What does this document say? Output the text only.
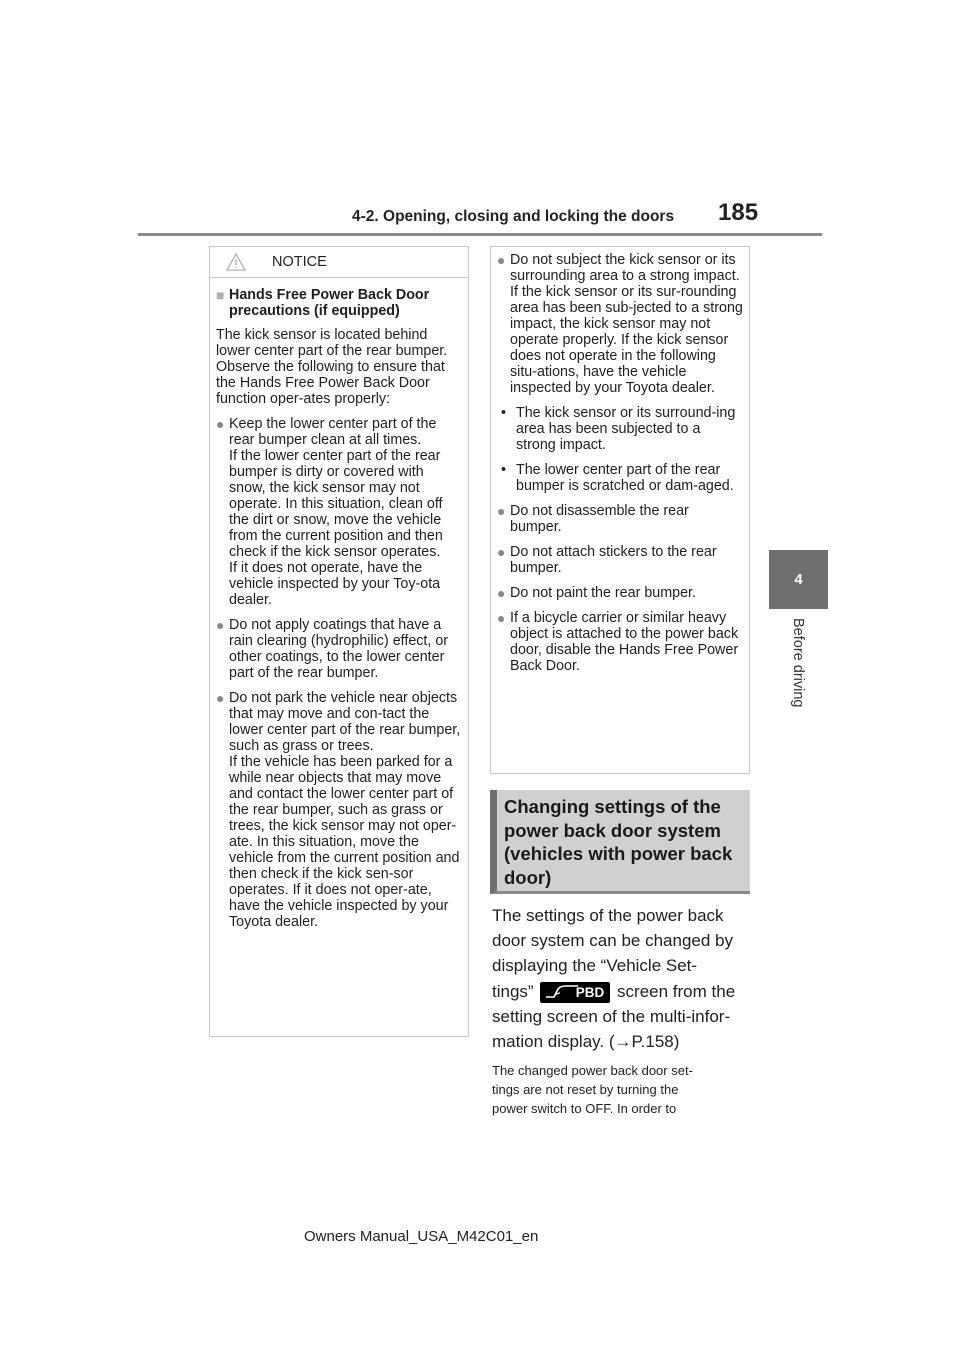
4-2. Opening, closing and locking the doors 185
4
Before driving
NOTICE
■ Hands Free Power Back Door precautions (if equipped)
The kick sensor is located behind lower center part of the rear bumper. Observe the following to ensure that the Hands Free Power Back Door function oper-ates properly:
● Keep the lower center part of the rear bumper clean at all times.
If the lower center part of the rear bumper is dirty or covered with snow, the kick sensor may not operate. In this situation, clean off the dirt or snow, move the vehicle from the current position and then check if the kick sensor operates.
If it does not operate, have the vehicle inspected by your Toy-ota dealer.
● Do not apply coatings that have a rain clearing (hydrophilic) effect, or other coatings, to the lower center part of the rear bumper.
● Do not park the vehicle near objects that may move and con-tact the lower center part of the rear bumper, such as grass or trees.
If the vehicle has been parked for a while near objects that may move and contact the lower center part of the rear bumper, such as grass or trees, the kick sensor may not oper-ate. In this situation, move the vehicle from the current position and then check if the kick sen-sor operates. If it does not oper-ate, have the vehicle inspected by your Toyota dealer.
● Do not subject the kick sensor or its surrounding area to a strong impact.
If the kick sensor or its sur-rounding area has been sub-jected to a strong impact, the kick sensor may not operate properly. If the kick sensor does not operate in the following situ-ations, have the vehicle inspected by your Toyota dealer.
• The kick sensor or its surround-ing area has been subjected to a strong impact.
• The lower center part of the rear bumper is scratched or dam-aged.
● Do not disassemble the rear bumper.
● Do not attach stickers to the rear bumper.
● Do not paint the rear bumper.
● If a bicycle carrier or similar heavy object is attached to the power back door, disable the Hands Free Power Back Door.
Changing settings of the power back door system (vehicles with power back door)
The settings of the power back
door system can be changed by
displaying the “Vehicle Set-
tings”	PBD screen from the
setting screen of the multi-infor-
mation display. (→P.158)
The changed power back door set-
tings are not reset by turning the
power switch to OFF. In order to
Owners Manual_USA_M42C01_en
